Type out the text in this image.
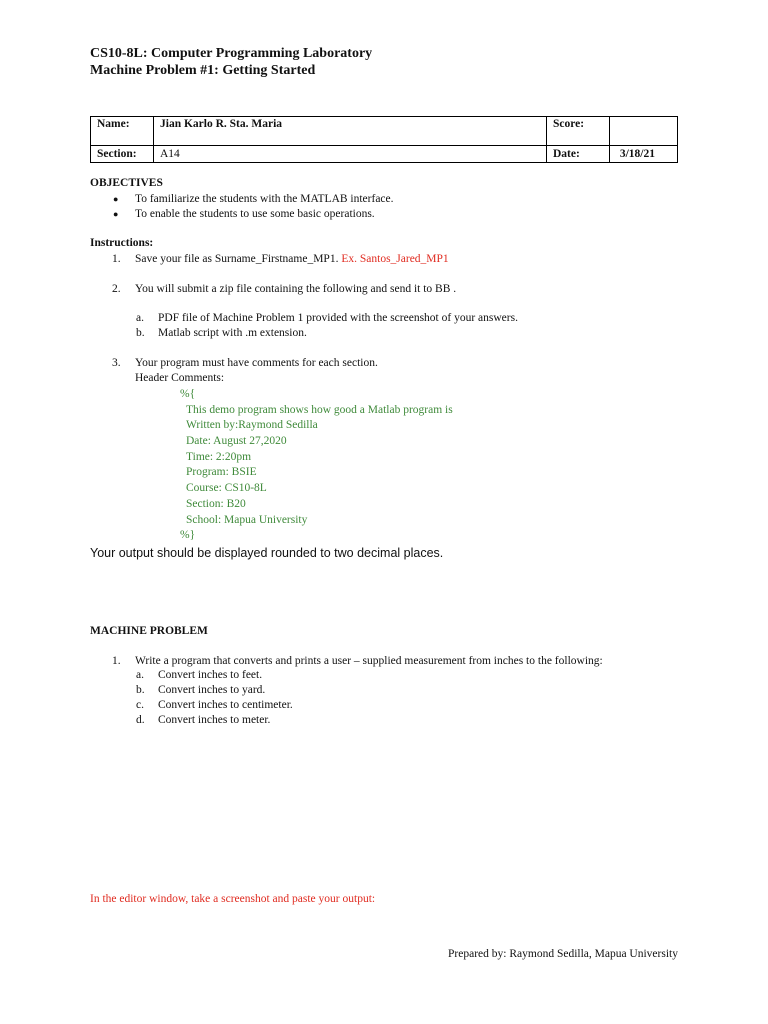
CS10-8L: Computer Programming Laboratory
Machine Problem #1: Getting Started
Name:	Jian Karlo R. Sta. Maria	Score:	
Section:	A14	Date:	3/18/21
OBJECTIVES
● To familiarize the students with the MATLAB interface.
● To enable the students to use some basic operations.
Instructions:
1. Save your file as Surname_Firstname_MP1. Ex. Santos_Jared_MP1
2. You will submit a zip file containing the following and send it to BB .
a. PDF file of Machine Problem 1 provided with the screenshot of your answers.
b. Matlab script with .m extension.
3. Your program must have comments for each section.
Header Comments:
%{
This demo program shows how good a Matlab program is
Written by:Raymond Sedilla
Date: August 27,2020
Time: 2:20pm
Program: BSIE
Course: CS10-8L
Section: B20
School: Mapua University
%}
Your output should be displayed rounded to two decimal places.
MACHINE PROBLEM
1. Write a program that converts and prints a user – supplied measurement from inches to the following:
a. Convert inches to feet.
b. Convert inches to yard.
c. Convert inches to centimeter.
d. Convert inches to meter.
In the editor window, take a screenshot and paste your output:
Prepared by: Raymond Sedilla, Mapua University
